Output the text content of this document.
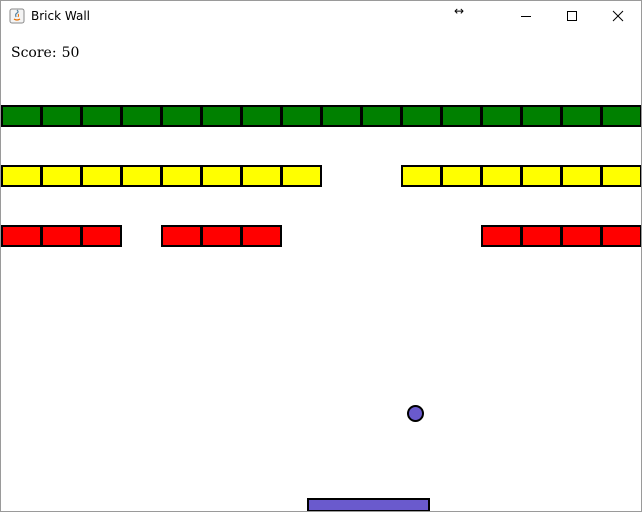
Brick Wall	↔
Score: 50
